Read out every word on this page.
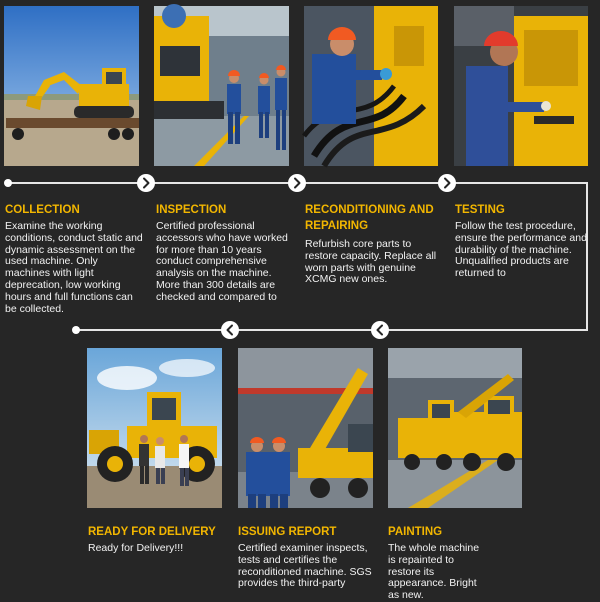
COLLECTION

Examine the working conditions, conduct static and dynamic assessment on the used machine. Only machines with light deprecation, low working hours and full functions can be collected.

INSPECTION

Certified professional accessors who have worked for more than 10 years conduct comprehensive analysis on the machine. More than 300 details are checked and compared to

RECONDITIONING AND REPAIRING

Refurbish core parts to restore capacity. Replace all worn parts with genuine XCMG new ones.

TESTING

Follow the test procedure, ensure the performance and durability of the machine. Unqualified products are returned to

READY FOR DELIVERY

Ready for Delivery!!!

ISSUING REPORT

Certified examiner inspects, tests and certifies the reconditioned machine. SGS provides the third-party

PAINTING

The whole machine is repainted to restore its appearance. Bright as new.
